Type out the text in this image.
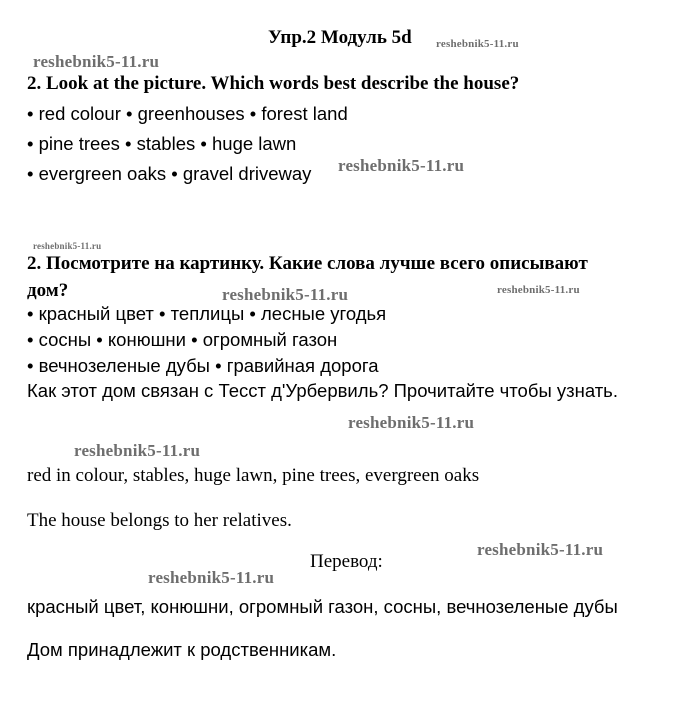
Упр.2 Модуль 5d reshebnik5-11.ru
reshebnik5-11.ru
2. Look at the picture. Which words best describe the house?
• red colour • greenhouses • forest land
• pine trees • stables • huge lawn
• evergreen oaks • gravel driveway reshebnik5-11.ru
reshebnik5-11.ru
2. Посмотрите на картинку. Какие слова лучше всего описывают
дом?	reshebnik5-11.ru	reshebnik5-11.ru
• красный цвет • теплицы • лесные угодья
• сосны • конюшни • огромный газон
• вечнозеленые дубы • гравийная дорога
Как этот дом связан с Тесст д'Урбервиль? Прочитайте чтобы узнать.
reshebnik5-11.ru
reshebnik5-11.ru
red in colour, stables, huge lawn, pine trees, evergreen oaks
The house belongs to her relatives.
reshebnik5-11.ru
Перевод:
reshebnik5-11.ru
красный цвет, конюшни, огромный газон, сосны, вечнозеленые дубы
Дом принадлежит к родственникам.
